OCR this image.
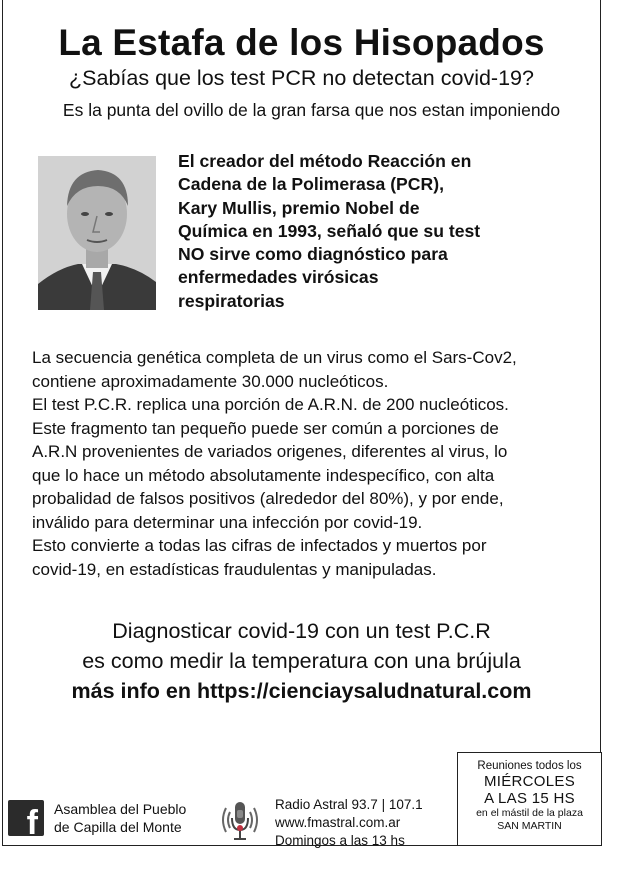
La Estafa de los Hisopados
¿Sabías que los test PCR no detectan covid-19?
Es la punta del ovillo de la gran farsa que nos estan imponiendo
El creador del método Reacción en
Cadena de la Polimerasa (PCR),
Kary Mullis, premio Nobel de
Química en 1993, señaló que su test
NO sirve como diagnóstico para
enfermedades virósicas
respiratorias
La secuencia genética completa de un virus como el Sars-Cov2,
contiene aproximadamente 30.000 nucleóticos.
El test P.C.R. replica una porción de A.R.N. de 200 nucleóticos.
Este fragmento tan pequeño puede ser común a porciones de
A.R.N provenientes de variados origenes, diferentes al virus, lo
que lo hace un método absolutamente indespecífico, con alta
probalidad de falsos positivos (alrededor del 80%), y por ende,
inválido para determinar una infección por covid-19.
Esto convierte a todas las cifras de infectados y muertos por
covid-19, en estadísticas fraudulentas y manipuladas.
Diagnosticar covid-19 con un test P.C.R
es como medir la temperatura con una brújula
más info en https://cienciaysaludnatural.com
f Asamblea del Pueblo
de Capilla del Monte
Radio Astral 93.7 | 107.1
www.fmastral.com.ar
Domingos a las 13 hs
Reuniones todos los
MIÉRCOLES
A LAS 15 HS
en el mástil de la plaza
SAN MARTIN
